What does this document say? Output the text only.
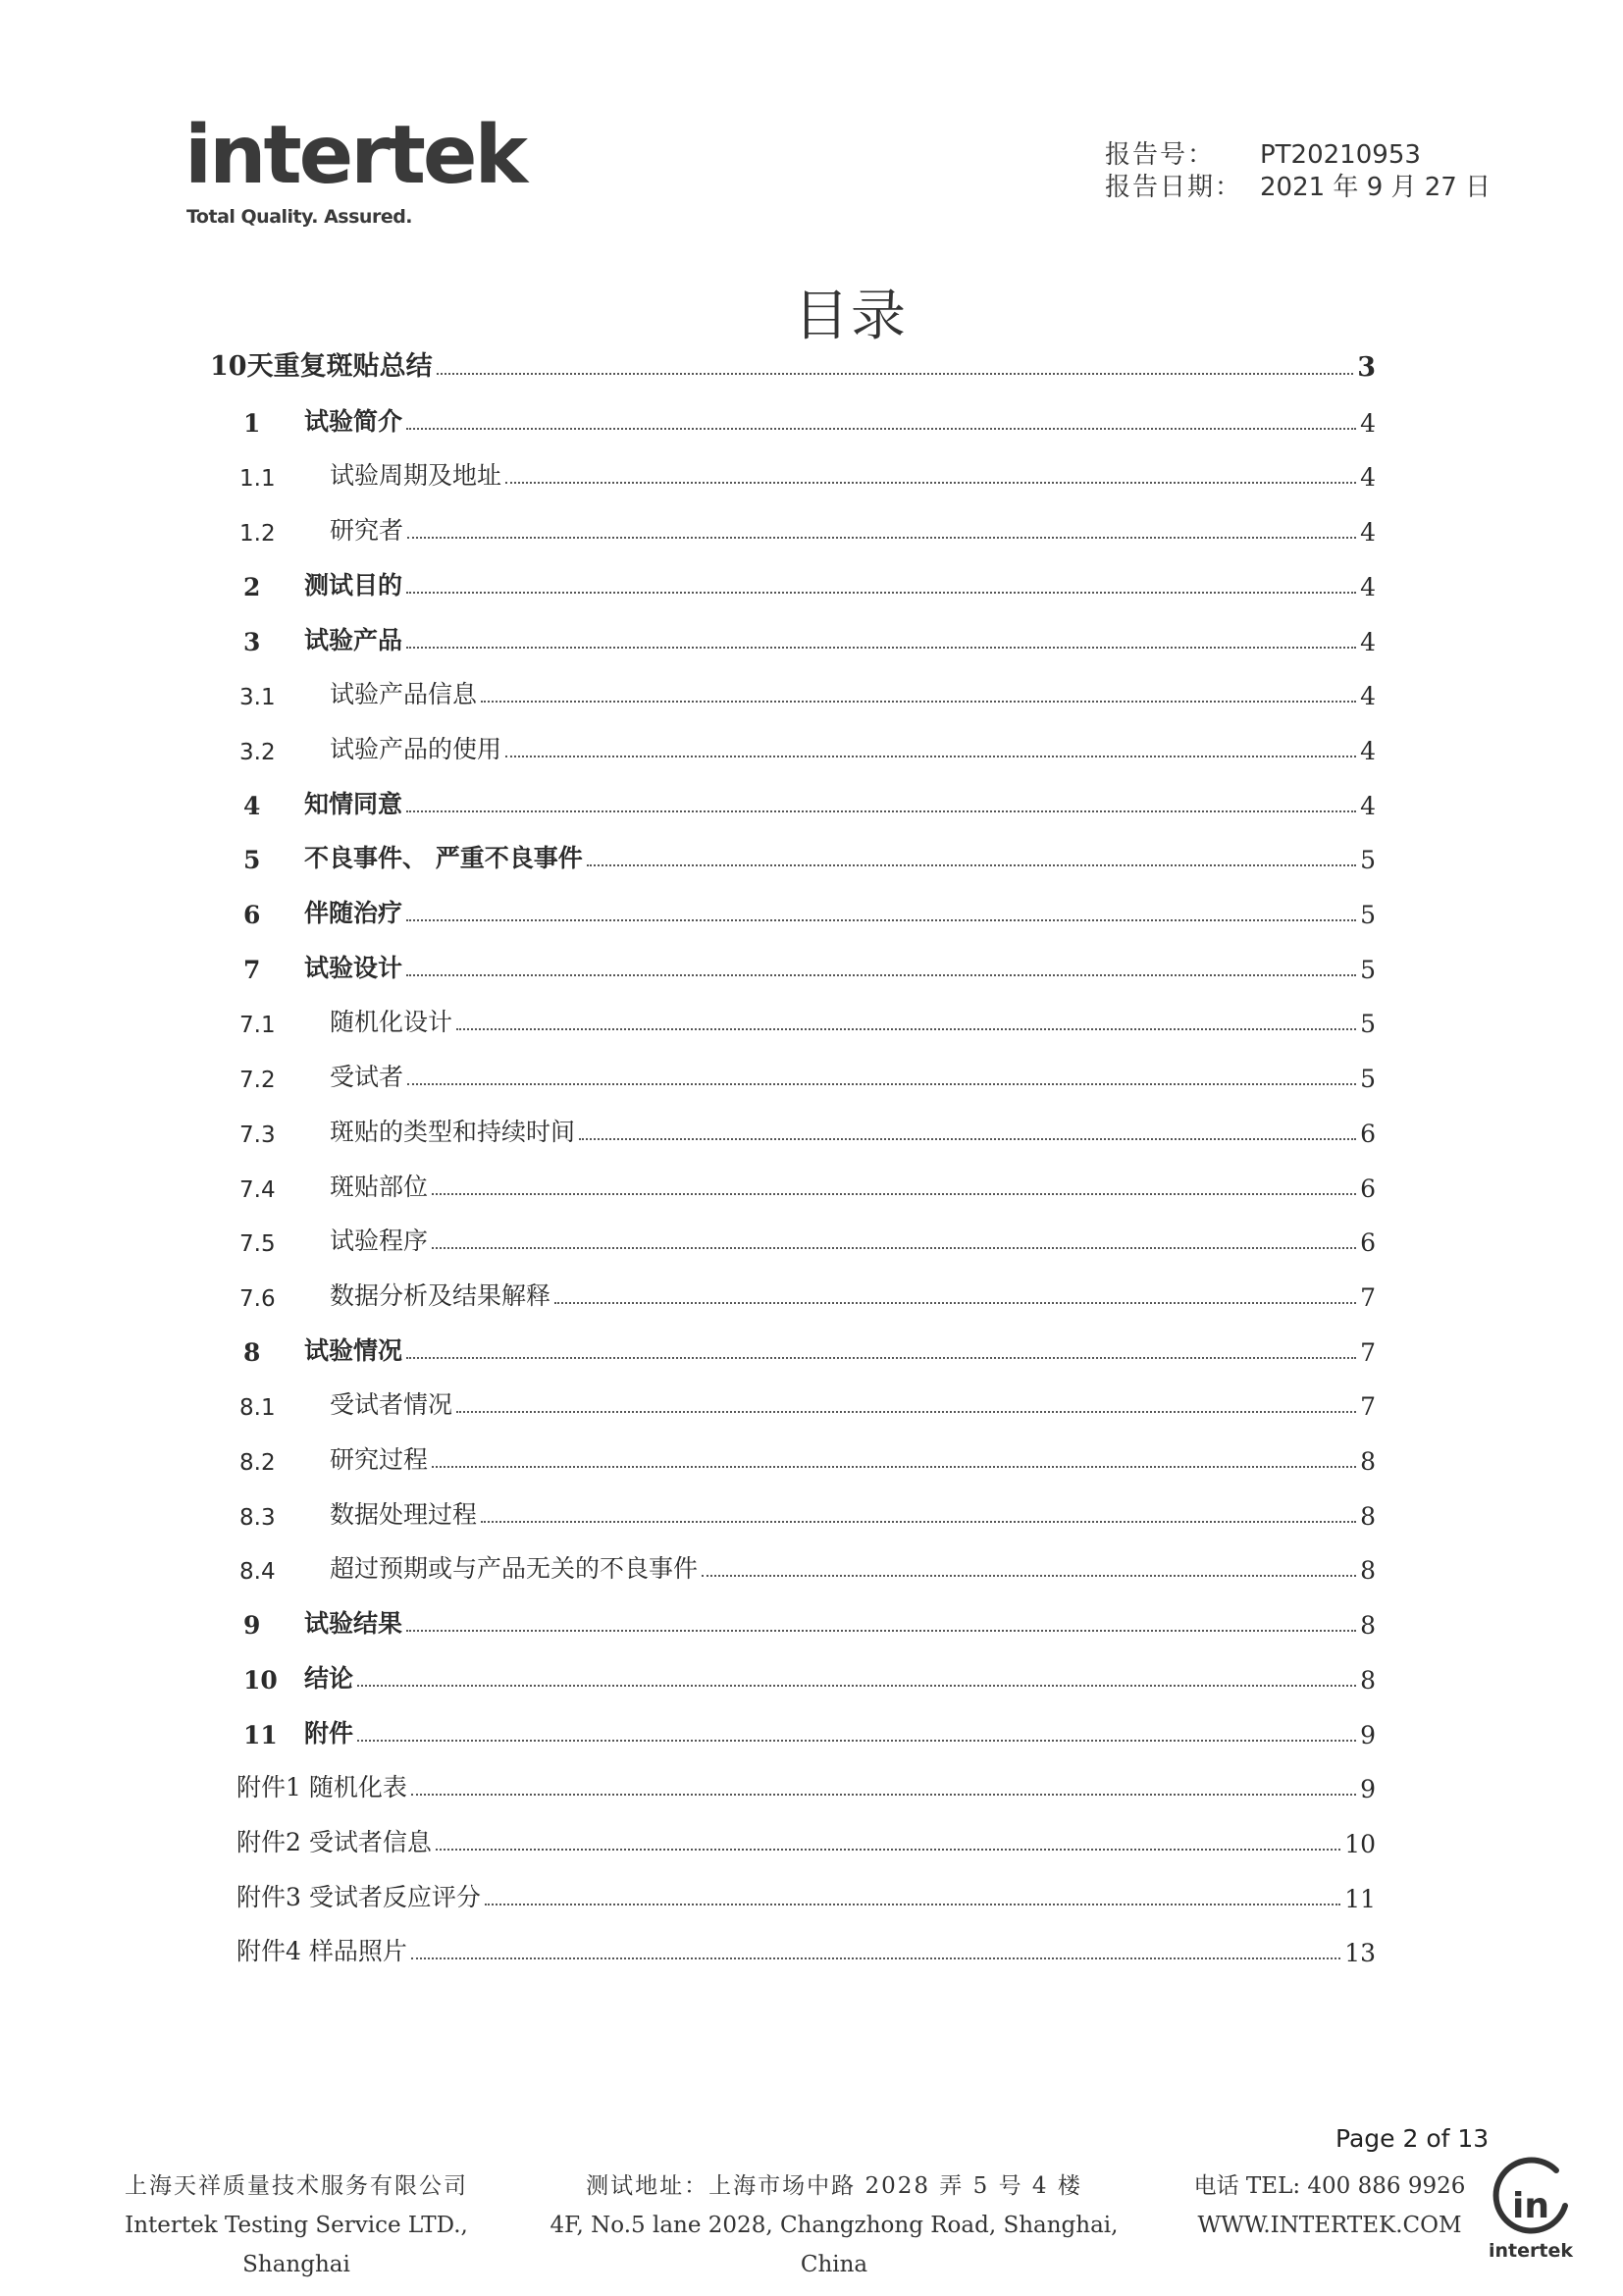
intertek
Total Quality. Assured.
报告号：	PT20210953
报告日期： 2021 年 9 月 27 日
目录
10天重复斑贴总结	3
1	试验简介	4
1.1	试验周期及地址	4
1.2	研究者	4
2	测试目的	4
3	试验产品	4
3.1	试验产品信息	4
3.2	试验产品的使用	4
4	知情同意	4
5	不良事件、 严重不良事件	5
6	伴随治疗	5
7	试验设计	5
7.1	随机化设计	5
7.2	受试者	5
7.3	斑贴的类型和持续时间	6
7.4	斑贴部位	6
7.5	试验程序	6
7.6	数据分析及结果解释	7
8	试验情况	7
8.1	受试者情况	7
8.2	研究过程	8
8.3	数据处理过程	8
8.4	超过预期或与产品无关的不良事件	8
9	试验结果	8
10	结论	8
11	附件	9
附件1 随机化表	9
附件2 受试者信息	10
附件3 受试者反应评分	11
附件4 样品照片	13
Page 2 of 13
上海天祥质量技术服务有限公司
Intertek Testing Service LTD., Shanghai
测试地址：上海市场中路 2028 弄 5 号 4 楼
4F, No.5 lane 2028, Changzhong Road, Shanghai, China
电话 TEL: 400 886 9926
WWW.INTERTEK.COM	in
intertek
